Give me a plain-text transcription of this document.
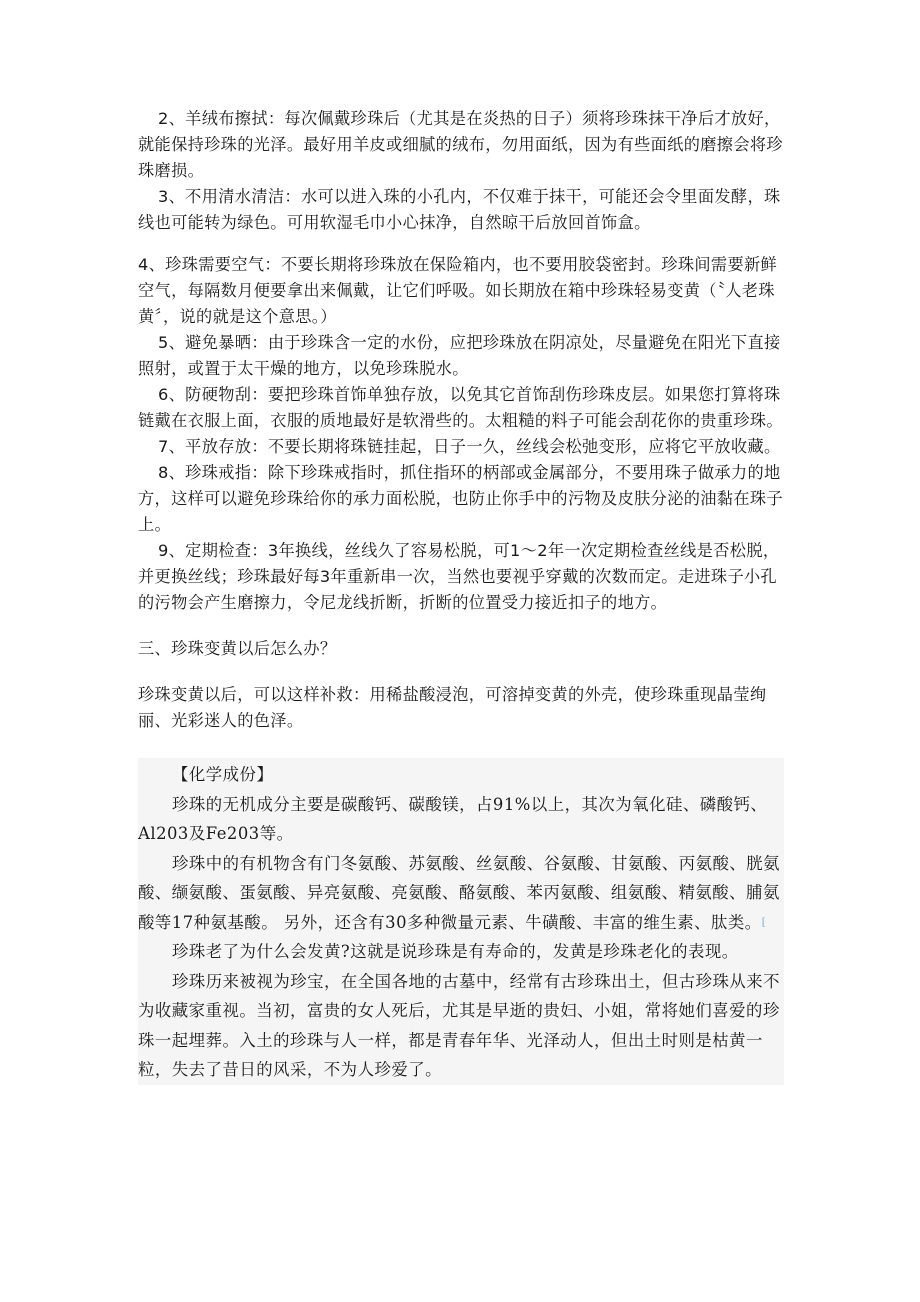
2、羊绒布擦拭：每次佩戴珍珠后（尤其是在炎热的日子）须将珍珠抹干净后才放好，就能保持珍珠的光泽。最好用羊皮或细腻的绒布，勿用面纸，因为有些面纸的磨擦会将珍珠磨损。

3、不用清水清洁：水可以进入珠的小孔内，不仅难于抹干，可能还会令里面发酵，珠线也可能转为绿色。可用软湿毛巾小心抹净，自然晾干后放回首饰盒。

4、珍珠需要空气：不要长期将珍珠放在保险箱内，也不要用胶袋密封。珍珠间需要新鲜空气，每隔数月便要拿出来佩戴，让它们呼吸。如长期放在箱中珍珠轻易变黄（〝人老珠黄〞，说的就是这个意思。）

5、避免暴晒：由于珍珠含一定的水份，应把珍珠放在阴凉处，尽量避免在阳光下直接照射，或置于太干燥的地方，以免珍珠脱水。

6、防硬物刮：要把珍珠首饰单独存放，以免其它首饰刮伤珍珠皮层。如果您打算将珠链戴在衣服上面，衣服的质地最好是软滑些的。太粗糙的料子可能会刮花你的贵重珍珠。

7、平放存放：不要长期将珠链挂起，日子一久，丝线会松弛变形，应将它平放收藏。

8、珍珠戒指：除下珍珠戒指时，抓住指环的柄部或金属部分，不要用珠子做承力的地方，这样可以避免珍珠给你的承力面松脱，也防止你手中的污物及皮肤分泌的油黏在珠子上。

9、定期检查：3年换线，丝线久了容易松脱，可1～2年一次定期检查丝线是否松脱，并更换丝线；珍珠最好每3年重新串一次，当然也要视乎穿戴的次数而定。走进珠子小孔的污物会产生磨擦力，令尼龙线折断，折断的位置受力接近扣子的地方。

三、珍珠变黄以后怎么办？

珍珠变黄以后，可以这样补救：用稀盐酸浸泡，可溶掉变黄的外壳，使珍珠重现晶莹绚丽、光彩迷人的色泽。

【化学成份】

珍珠的无机成分主要是碳酸钙、碳酸镁，占91%以上，其次为氧化硅、磷酸钙、Al203及Fe203等。

珍珠中的有机物含有门冬氨酸、苏氨酸、丝氨酸、谷氨酸、甘氨酸、丙氨酸、胱氨酸、缬氨酸、蛋氨酸、异亮氨酸、亮氨酸、酪氨酸、苯丙氨酸、组氨酸、精氨酸、脯氨酸等17种氨基酸。 另外，还含有30多种微量元素、牛磺酸、丰富的维生素、肽类。[

珍珠老了为什么会发黄?这就是说珍珠是有寿命的，发黄是珍珠老化的表现。

珍珠历来被视为珍宝，在全国各地的古墓中，经常有古珍珠出土，但古珍珠从来不为收藏家重视。当初，富贵的女人死后，尤其是早逝的贵妇、小姐，常将她们喜爱的珍珠一起埋葬。入土的珍珠与人一样，都是青春年华、光泽动人，但出土时则是枯黄一粒，失去了昔日的风采，不为人珍爱了。
